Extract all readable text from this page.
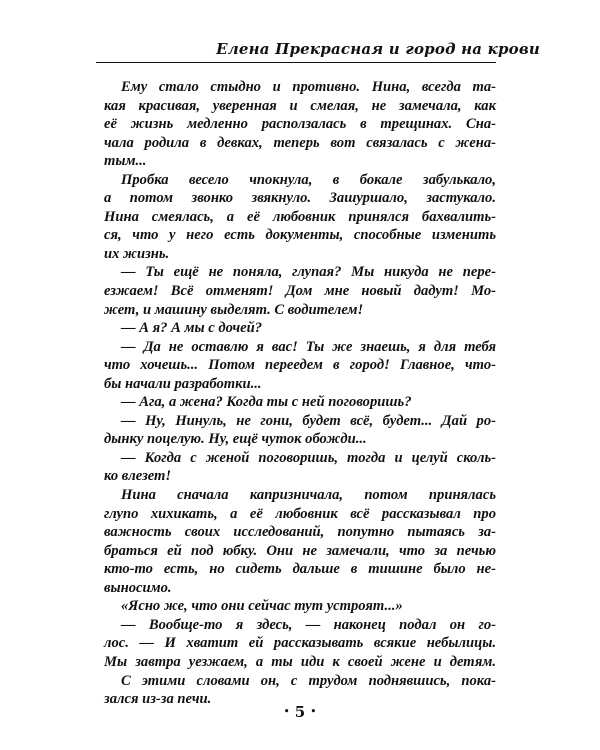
Елена Прекрасная и город на крови
Ему стало стыдно и противно. Нина, всегда та-
кая красивая, уверенная и смелая, не замечала, как
её жизнь медленно расползалась в трещинах. Сна-
чала родила в девках, теперь вот связалась с жена-
тым...
Пробка весело чпокнула, в бокале забулькало,
а потом звонко звякнуло. Зашуршало, застукало.
Нина смеялась, а её любовник принялся бахвалить-
ся, что у него есть документы, способные изменить
их жизнь.
— Ты ещё не поняла, глупая? Мы никуда не пере-
езжаем! Всё отменят! Дом мне новый дадут! Мо-
жет, и машину выделят. С водителем!
— А я? А мы с дочей?
— Да не оставлю я вас! Ты же знаешь, я для тебя
что хочешь... Потом переедем в город! Главное, что-
бы начали разработки...
— Ага, а жена? Когда ты с ней поговоришь?
— Ну, Нинуль, не гони, будет всё, будет... Дай ро-
дынку поцелую. Ну, ещё чуток обожди...
— Когда с женой поговоришь, тогда и целуй сколь-
ко влезет!
Нина сначала капризничала, потом принялась
глупо хихикать, а её любовник всё рассказывал про
важность своих исследований, попутно пытаясь за-
браться ей под юбку. Они не замечали, что за печью
кто-то есть, но сидеть дальше в тишине было не-
выносимо.
«Ясно же, что они сейчас тут устроят...»
— Вообще-то я здесь, — наконец подал он го-
лос. — И хватит ей рассказывать всякие небылицы.
Мы завтра уезжаем, а ты иди к своей жене и детям.
С этими словами он, с трудом поднявшись, пока-
зался из-за печи.
• 5 •
